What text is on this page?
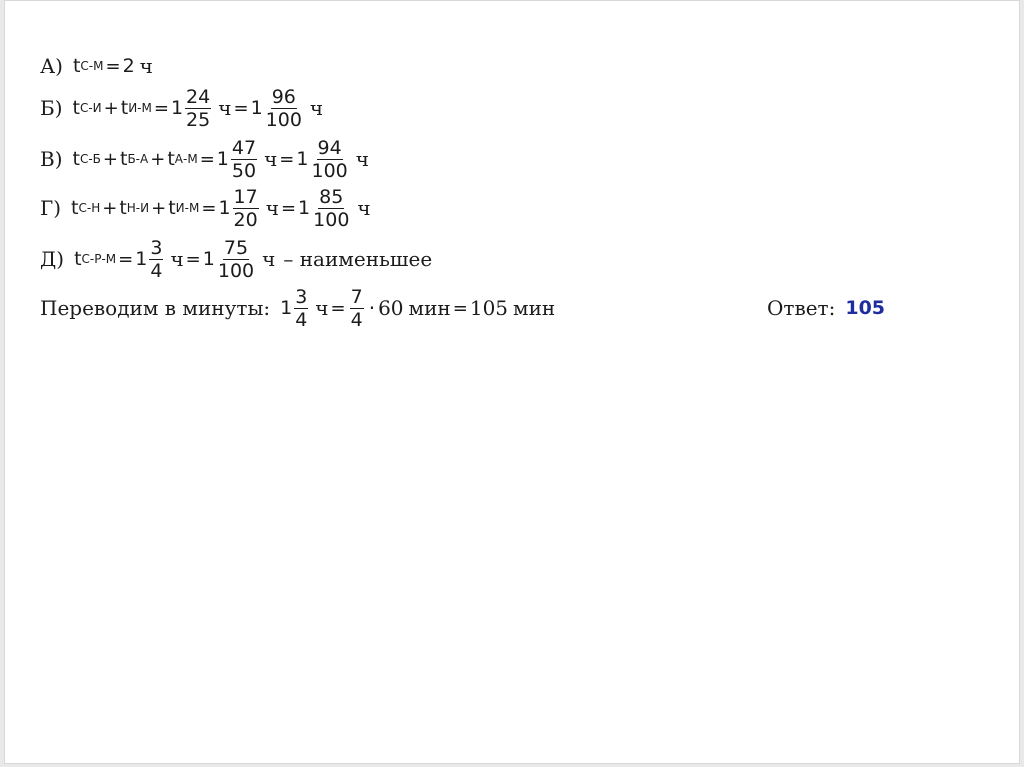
А) t С-М = 2 ч
Б) t С-И + t $И-М = 1 \frac{24}{25}$ $ч = 1 \frac{96}{100}$ ч
В) t С-Б + t Б-А + t $А-М = 1 \frac{47}{50}$ $ч = 1 \frac{94}{100}$ ч
Г) t С-Н + t Н-И + t $И-М = 1 \frac{17}{20}$ $ч = 1 \frac{85}{100}$ ч
Д) t $С-Р-М = 1 \frac{3}{4}$ $ч = 1 \frac{75}{100}$ ч – наименьшее
Переводим в минуты: $1 \frac{3}{4}$ $ч = \frac{7}{4} \cdot 60$ мин = 105 мин	Ответ: 105
